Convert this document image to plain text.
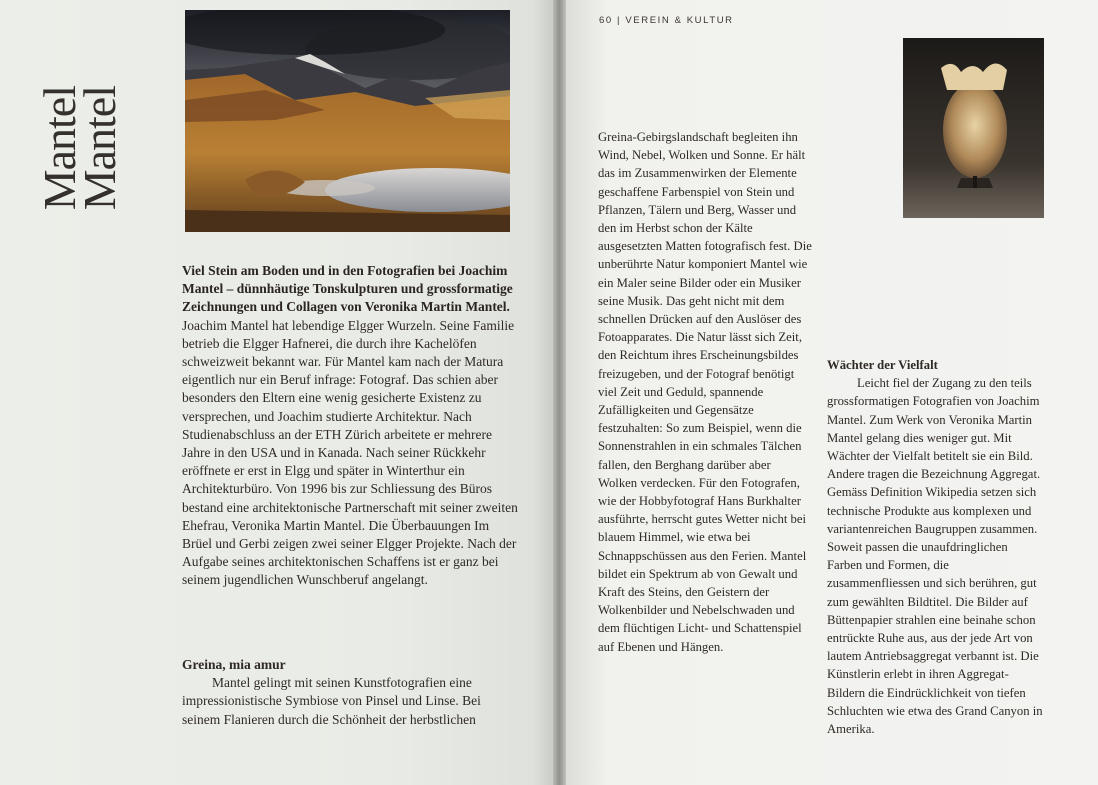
Mantel
Mantel
60 | VEREIN & KULTUR

Viel Stein am Boden und in den Fotografien bei Joachim Mantel – dünnhäutige Tonskulpturen und grossformatige Zeichnungen und Collagen von Veronika Martin Mantel.

Joachim Mantel hat lebendige Elgger Wurzeln. Seine Familie betrieb die Elgger Hafnerei, die durch ihre Kachelöfen schweizweit bekannt war. Für Mantel kam nach der Matura eigentlich nur ein Beruf infrage: Fotograf. Das schien aber besonders den Eltern eine wenig gesicherte Existenz zu versprechen, und Joachim studierte Architektur. Nach Studienabschluss an der ETH Zürich arbeitete er mehrere Jahre in den USA und in Kanada. Nach seiner Rückkehr eröffnete er erst in Elgg und später in Winterthur ein Architekturbüro. Von 1996 bis zur Schliessung des Büros bestand eine architektonische Partnerschaft mit seiner zweiten Ehefrau, Veronika Martin Mantel. Die Überbauungen Im Brüel und Gerbi zeigen zwei seiner Elgger Projekte. Nach der Aufgabe seines architektonischen Schaffens ist er ganz bei seinem jugendlichen Wunschberuf angelangt.

Greina, mia amur

Mantel gelingt mit seinen Kunstfotografien eine impressionistische Symbiose von Pinsel und Linse. Bei seinem Flanieren durch die Schönheit der herbstlichen

Greina-Gebirgslandschaft begleiten ihn Wind, Nebel, Wolken und Sonne. Er hält das im Zusammenwirken der Elemente geschaffene Farbenspiel von Stein und Pflanzen, Tälern und Berg, Wasser und den im Herbst schon der Kälte ausgesetzten Matten fotografisch fest. Die unberührte Natur komponiert Mantel wie ein Maler seine Bilder oder ein Musiker seine Musik. Das geht nicht mit dem schnellen Drücken auf den Auslöser des Fotoapparates. Die Natur lässt sich Zeit, den Reichtum ihres Erscheinungsbildes freizugeben, und der Fotograf benötigt viel Zeit und Geduld, spannende Zufälligkeiten und Gegensätze festzuhalten: So zum Beispiel, wenn die Sonnenstrahlen in ein schmales Tälchen fallen, den Berghang darüber aber Wolken verdecken. Für den Fotografen, wie der Hobbyfotograf Hans Burkhalter ausführte, herrscht gutes Wetter nicht bei blauem Himmel, wie etwa bei Schnappschüssen aus den Ferien. Mantel bildet ein Spektrum ab von Gewalt und Kraft des Steins, den Geistern der Wolkenbilder und Nebelschwaden und dem flüchtigen Licht- und Schattenspiel auf Ebenen und Hängen.

Wächter der Vielfalt

Leicht fiel der Zugang zu den teils grossformatigen Fotografien von Joachim Mantel. Zum Werk von Veronika Martin Mantel gelang dies weniger gut. Mit Wächter der Vielfalt betitelt sie ein Bild. Andere tragen die Bezeichnung Aggregat. Gemäss Definition Wikipedia setzen sich technische Produkte aus komplexen und variantenreichen Baugruppen zusammen. Soweit passen die unaufdringlichen Farben und Formen, die zusammenfliessen und sich berühren, gut zum gewählten Bildtitel. Die Bilder auf Büttenpapier strahlen eine beinahe schon entrückte Ruhe aus, aus der jede Art von lautem Antriebsaggregat verbannt ist. Die Künstlerin erlebt in ihren Aggregat-Bildern die Eindrücklichkeit von tiefen Schluchten wie etwa des Grand Canyon in Amerika.
